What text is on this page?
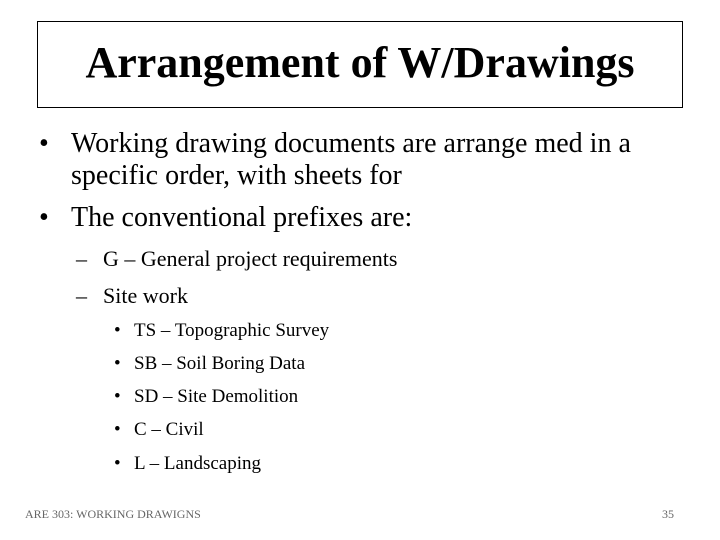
Arrangement of W/Drawings
• Working drawing documents are arrange med in a specific order, with sheets for
• The conventional prefixes are:
– G – General project requirements
– Site work
• TS – Topographic Survey
• SB – Soil Boring Data
• SD – Site Demolition
• C – Civil
• L – Landscaping
ARE 303: WORKING DRAWIGNS	35
